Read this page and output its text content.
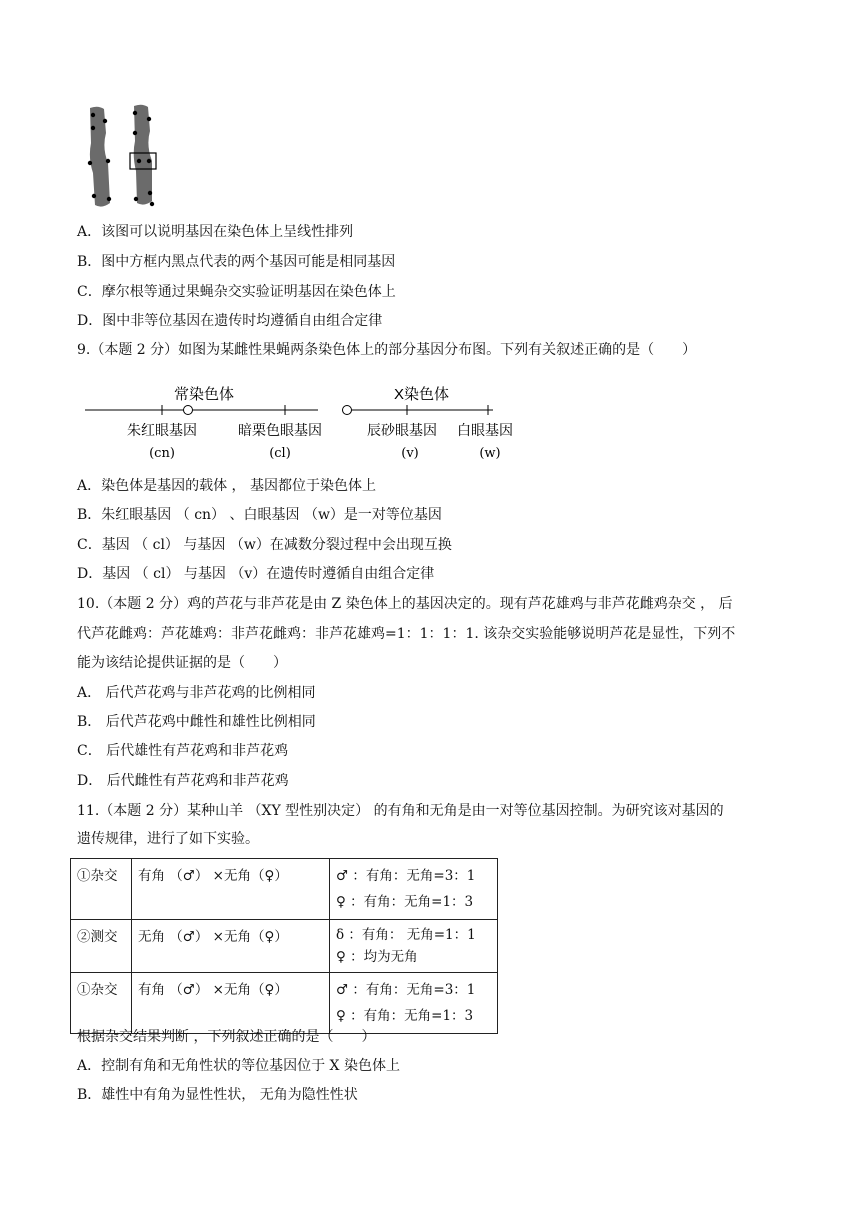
A．该图可以说明基因在染色体上呈线性排列
B．图中方框内黑点代表的两个基因可能是相同基因
C．摩尔根等通过果蝇杂交实验证明基因在染色体上
D．图中非等位基因在遗传时均遵循自由组合定律
9.（本题 2 分）如图为某雌性果蝇两条染色体上的部分基因分布图。下列有关叙述正确的是（　　）
常染色体	X染色体
朱红眼基因	暗栗色眼基因	辰砂眼基因 白眼基因
(cn)	(cl)	(v)	(w)
A．染色体是基因的载体 ， 基因都位于染色体上
B．朱红眼基因 （ cn） 、白眼基因 （w）是一对等位基因
C．基因 （ cl） 与基因 （w）在减数分裂过程中会出现互换
D．基因 （ cl） 与基因 （v）在遗传时遵循自由组合定律
10.（本题 2 分）鸡的芦花与非芦花是由 Z 染色体上的基因决定的。现有芦花雄鸡与非芦花雌鸡杂交 ， 后
代芦花雌鸡：芦花雄鸡：非芦花雌鸡：非芦花雄鸡=1：1：1：1. 该杂交实验能够说明芦花是显性，下列不
能为该结论提供证据的是（　　）
A． 后代芦花鸡与非芦花鸡的比例相同
B． 后代芦花鸡中雌性和雄性比例相同
C． 后代雄性有芦花鸡和非芦花鸡
D． 后代雌性有芦花鸡和非芦花鸡
11.（本题 2 分）某种山羊 （XY 型性别决定） 的有角和无角是由一对等位基因控制。为研究该对基因的
遗传规律，进行了如下实验。
①杂交	有角 （♂） ×无角（♀）	♂ ：有角：无角=3：1
♀ ：有角：无角=1：3

②测交	无角 （♂） ×无角（♀）	δ ：有角： 无角=1：1
♀ ：均为无角

①杂交	有角 （♂） ×无角（♀）	♂ ：有角：无角=3：1
♀ ：有角：无角=1：3
根据杂交结果判断 ，下列叙述正确的是（　　）
A．控制有角和无角性状的等位基因位于 X 染色体上
B．雄性中有角为显性性状， 无角为隐性性状
